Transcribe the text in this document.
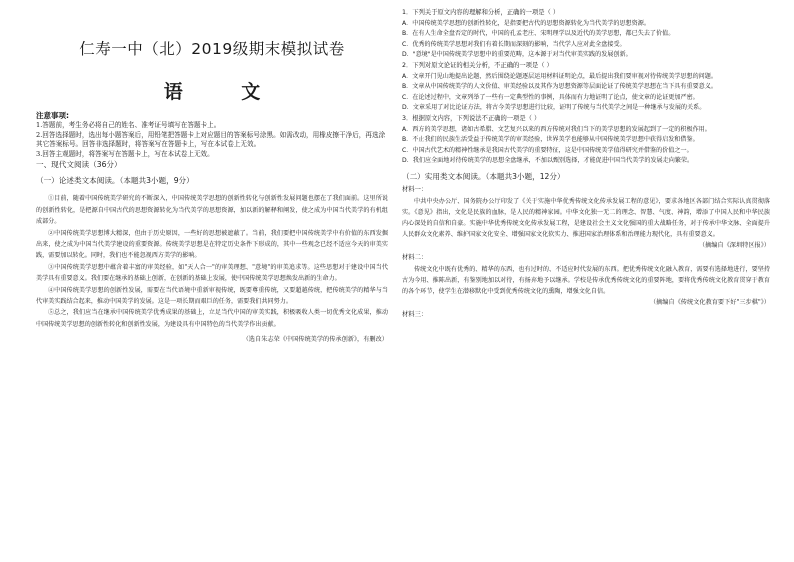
仁寿一中（北）2019级期末模拟试卷
语 文

注意事项:

1.答题前，考生务必将自己的姓名、准考证号填写在答题卡上。

2.回答选择题时，选出每小题答案后，用铅笔把答题卡上对应题目的答案标号涂黑。如需改动，用橡皮擦干净后，再选涂其它答案标号。回答非选择题时，将答案写在答题卡上，写在本试卷上无效。

3.回答主观题时，将答案写在答题卡上，写在本试卷上无效。

一、现代文阅读（36分）

（一）论述类文本阅读。（本题共3小题，9分）

①目前，随着中国传统美学研究的不断深入，中国传统美学思想的创新性转化与创新性发展问题也摆在了我们面前。这里所说的创新性转化，是把源自中国古代的思想资源转化为当代美学的思想资源，加以新的解释和阐发，使之成为中国当代美学的有机组成部分。

②中国传统美学思想博大精深，但由于历史原因，一些好的思想被遮蔽了。当前，我们要把中国传统美学中有价值的东西发掘出来，使之成为中国当代美学建设的重要资源。传统美学思想是在特定历史条件下形成的，其中一些观念已经不适应今天的审美实践，需要加以转化。同时，我们也不能忽视西方美学的影响。

③中国传统美学思想中蕴含着丰富的审美经验，如"天人合一"的审美理想、"意境"的审美追求等。这些思想对于建设中国当代美学具有重要意义。我们要在继承的基础上创新，在创新的基础上发展，使中国传统美学思想焕发出新的生命力。

④中国传统美学思想的创新性发展，需要在当代语境中重新审视传统，既要尊重传统，又要超越传统，把传统美学的精华与当代审美实践结合起来，推动中国美学的发展。这是一项长期而艰巨的任务，需要我们共同努力。

⑤总之，我们应当在继承中国传统美学优秀成果的基础上，立足当代中国的审美实践，积极吸收人类一切优秀文化成果，推动中国传统美学思想的创新性转化和创新性发展，为建设具有中国特色的当代美学作出贡献。

（选自朱志荣《中国传统美学的传承创新》，有删改）

1．下列关于原文内容的理解和分析，正确的一项是（ ）

A．中国传统美学思想的创新性转化，是指要把古代的思想资源转化为当代美学的思想资源。

B．在有人生命全盘否定的时代，中国的孔孟老庄、宋明理学以及近代的美学思想，都已失去了价值。

C．优秀的传统美学思想对我们有着长期而深刻的影响，当代学人应对此全盘接受。

D．"意境"是中国传统美学思想中的重要范畴，这本源于对当代审美实践的发展创新。

2．下列对原文论证的相关分析，不正确的一项是（ ）

A．文章开门见山地提出论题，然后围绕论题逐层运用材料证明论点，最后提出我们要审视对待传统美学思想的问题。

B．文章从中国传统美学的人文价值、审美经验以及其作为思想资源等层面论证了传统美学思想在当下具有重要意义。

C．在论述过程中，文章列举了一些有一定典型性的事例，具体而有力地证明了论点，使文章的论证更加严密。

D．文章采用了对比论证方法，将古今美学思想进行比较，证明了传统与当代美学之间是一种继承与发展的关系。

3．根据原文内容，下列说法不正确的一项是（ ）

A．西方的美学思想，诸如古希腊、文艺复兴以来的西方传统对我们当下的美学思想的发展起到了一定的积极作用。

B．不止我们的民族生活受益于传统美学的审美经验，世界美学也能够从中国传统美学思想中获得启发和借鉴。

C．中国古代艺术的精神性继承是我国古代美学的重要特征，这是中国传统美学值得研究并借鉴的价值之一。

D．我们应全面地对待传统美学的思想全盘继承，不加以甄别选择，才能促进中国当代美学的发展走向繁荣。

（二）实用类文本阅读。（本题共3小题，12分）

材料一：

中共中央办公厅、国务院办公厅印发了《关于实施中华优秀传统文化传承发展工程的意见》，要求各地区各部门结合实际认真贯彻落实。《意见》指出，文化是民族的血脉，是人民的精神家园。中华文化独一无二的理念、智慧、气度、神韵，增添了中国人民和中华民族内心深处的自信和自豪。实施中华优秀传统文化传承发展工程，是建设社会主义文化强国的重大战略任务，对于传承中华文脉、全面提升人民群众文化素养、维护国家文化安全、增强国家文化软实力、推进国家治理体系和治理能力现代化，具有重要意义。

（摘编自《深圳特区报》）

材料二：

传统文化中既有优秀的、精华的东西，也有过时的、不适应时代发展的东西。把优秀传统文化融入教育，需要有选择地进行，要坚持古为今用、推陈出新，有鉴别地加以对待，有扬弃地予以继承。学校是传承优秀传统文化的重要阵地，要将优秀传统文化教育贯穿于教育的各个环节，使学生在潜移默化中受到优秀传统文化的熏陶，增强文化自信。

（摘编自《传统文化教育要下好"三步棋"》）

材料三：
